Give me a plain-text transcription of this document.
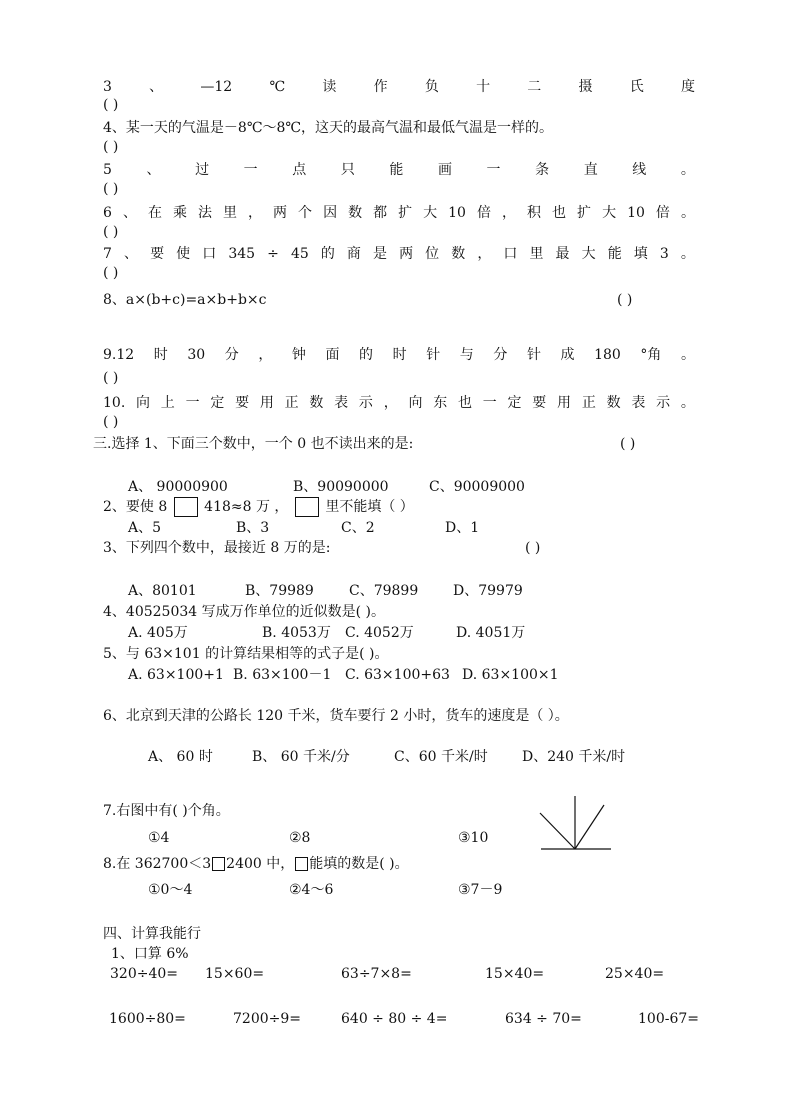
3	、	—12	℃	读	作	负	十	二	摄	氏	度
( )
4、某一天的气温是－8℃～8℃，这天的最高气温和最低气温是一样的。
( )
5 、 过 一 点 只 能 画 一 条 直 线 。
( )
6 、 在 乘 法 里 ， 两 个 因 数 都 扩 大 10 倍 ， 积 也 扩 大 10 倍 。
( )
7 、 要 使 口 345 ÷ 45 的 商 是 两 位 数 ， 口 里 最 大 能 填 3 。
( )
8、a×(b+c)=a×b+b×c	( )
9.12 时 30 分 ， 钟 面 的 时 针 与 分 针 成 180 °角 。
( )
10. 向 上 一 定 要 用 正 数 表 示 ， 向 东 也 一 定 要 用 正 数 表 示 。
( )
三.选择 1、下面三个数中，一个 0 也不读出来的是:	( )
A、 90000900	B、90090000	C、90009000
2、要使 8	418≈8 万 ，	里不能填（ ）
A、5	B、3	C、2	D、1
3、下列四个数中，最接近 8 万的是:	( )
A、80101	B、79989	C、79899 D、79979
4、40525034 写成万作单位的近似数是( )。
A. 405万	B. 4053万 C. 4052万	D. 4051万
5、与 63×101 的计算结果相等的式子是( )。
A. 63×100+1 B. 63×100－1 C. 63×100+63 D. 63×100×1
6、北京到天津的公路长 120 千米，货车要行 2 小时，货车的速度是（ ）。
A、 60 时	B、 60 千米/分	C、60 千米/时 D、240 千米/时
7.右图中有( )个角。
①4	②8	③10
8.在 362700＜3 2400 中， 能填的数是( )。
①0～4	②4～6	③7－9
四、计算我能行
1、口算 6%
320÷40= 15×60=	63÷7×8=	15×40=	25×40=
1600÷80=	7200÷9=	640 ÷ 80 ÷ 4=	634 ÷ 70=	100-67=
